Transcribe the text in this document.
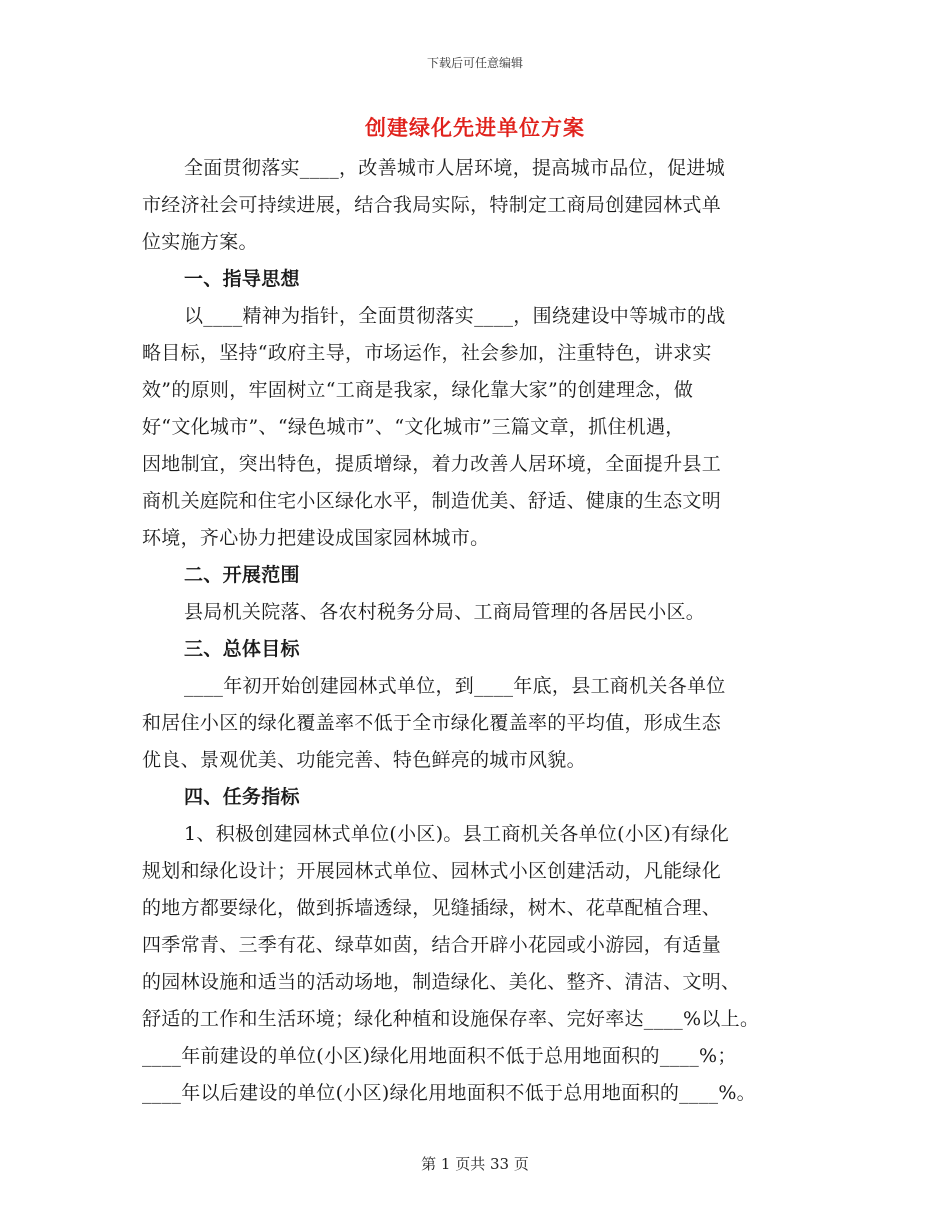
下载后可任意编辑
创建绿化先进单位方案
全面贯彻落实____，改善城市人居环境，提高城市品位，促进城
市经济社会可持续进展，结合我局实际，特制定工商局创建园林式单
位实施方案。
一、指导思想
以____精神为指针，全面贯彻落实____，围绕建设中等城市的战
略目标，坚持“政府主导，市场运作，社会参加，注重特色，讲求实
效”的原则，牢固树立“工商是我家，绿化靠大家”的创建理念，做
好“文化城市”、“绿色城市”、“文化城市”三篇文章，抓住机遇，
因地制宜，突出特色，提质增绿，着力改善人居环境，全面提升县工
商机关庭院和住宅小区绿化水平，制造优美、舒适、健康的生态文明
环境，齐心协力把建设成国家园林城市。
二、开展范围
县局机关院落、各农村税务分局、工商局管理的各居民小区。
三、总体目标
____年初开始创建园林式单位，到____年底，县工商机关各单位
和居住小区的绿化覆盖率不低于全市绿化覆盖率的平均值，形成生态
优良、景观优美、功能完善、特色鲜亮的城市风貌。
四、任务指标
1、积极创建园林式单位(小区)。县工商机关各单位(小区)有绿化
规划和绿化设计；开展园林式单位、园林式小区创建活动，凡能绿化
的地方都要绿化，做到拆墙透绿，见缝插绿，树木、花草配植合理、
四季常青、三季有花、绿草如茵，结合开辟小花园或小游园，有适量
的园林设施和适当的活动场地，制造绿化、美化、整齐、清洁、文明、
舒适的工作和生活环境；绿化种植和设施保存率、完好率达____%以上。
____年前建设的单位(小区)绿化用地面积不低于总用地面积的____%；
____年以后建设的单位(小区)绿化用地面积不低于总用地面积的____%。
第 1 页共 33 页
